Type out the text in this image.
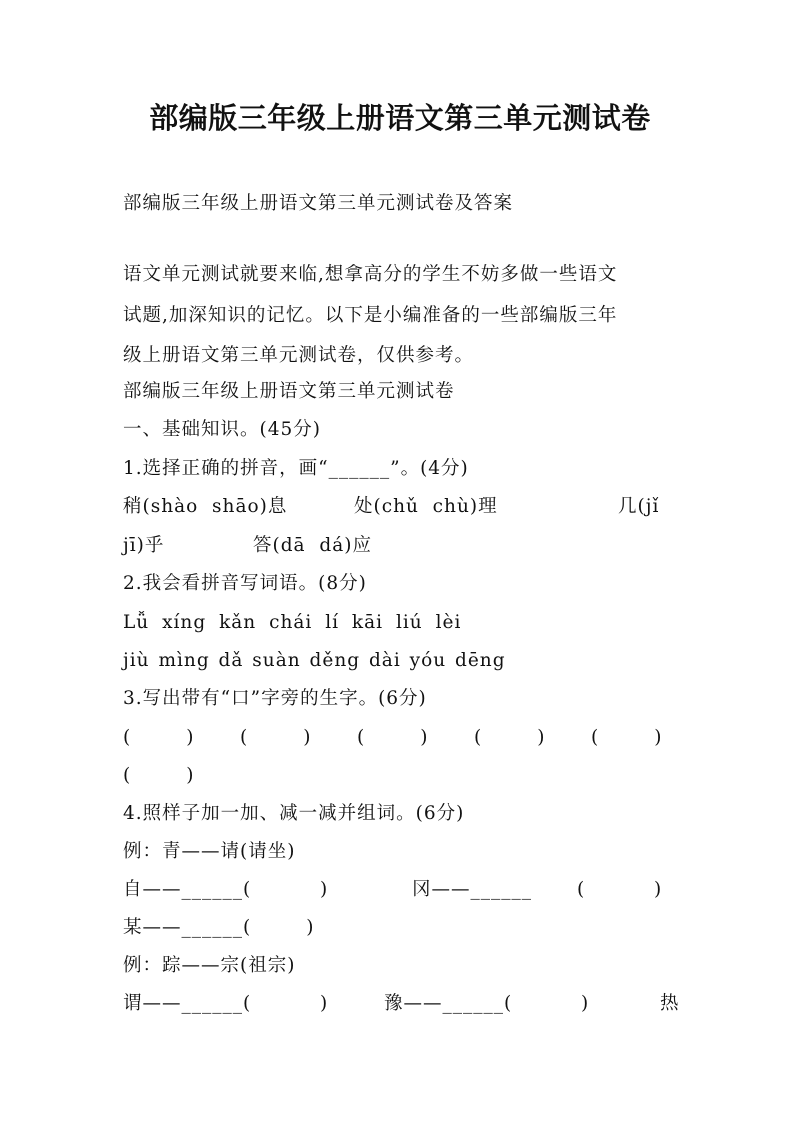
部编版三年级上册语文第三单元测试卷
部编版三年级上册语文第三单元测试卷及答案
语文单元测试就要来临,想拿高分的学生不妨多做一些语文
试题,加深知识的记忆。以下是小编准备的一些部编版三年
级上册语文第三单元测试卷，仅供参考。
部编版三年级上册语文第三单元测试卷
一、基础知识。(45分)
1.选择正确的拼音，画“______”。(4分)
稍(shào  shāo)息	处(chǔ  chù)理	几(jǐ
jī)乎	答(dā  dá)应
2.我会看拼音写词语。(8分)
Lǚ xíng kǎn chái lí kāi liú lèi
jiù mìng dǎ suàn děng dài yóu dēng
3.写出带有“口”字旁的生字。(6分)
(        ) (        ) (        ) (        ) (        )
(        )
4.照样子加一加、减一减并组词。(6分)
例：青——请(请坐)
自——______(          )	冈——______ (          )
某——______(        )
例：踪——宗(祖宗)
谓——______(          )	豫——______(          )	热
